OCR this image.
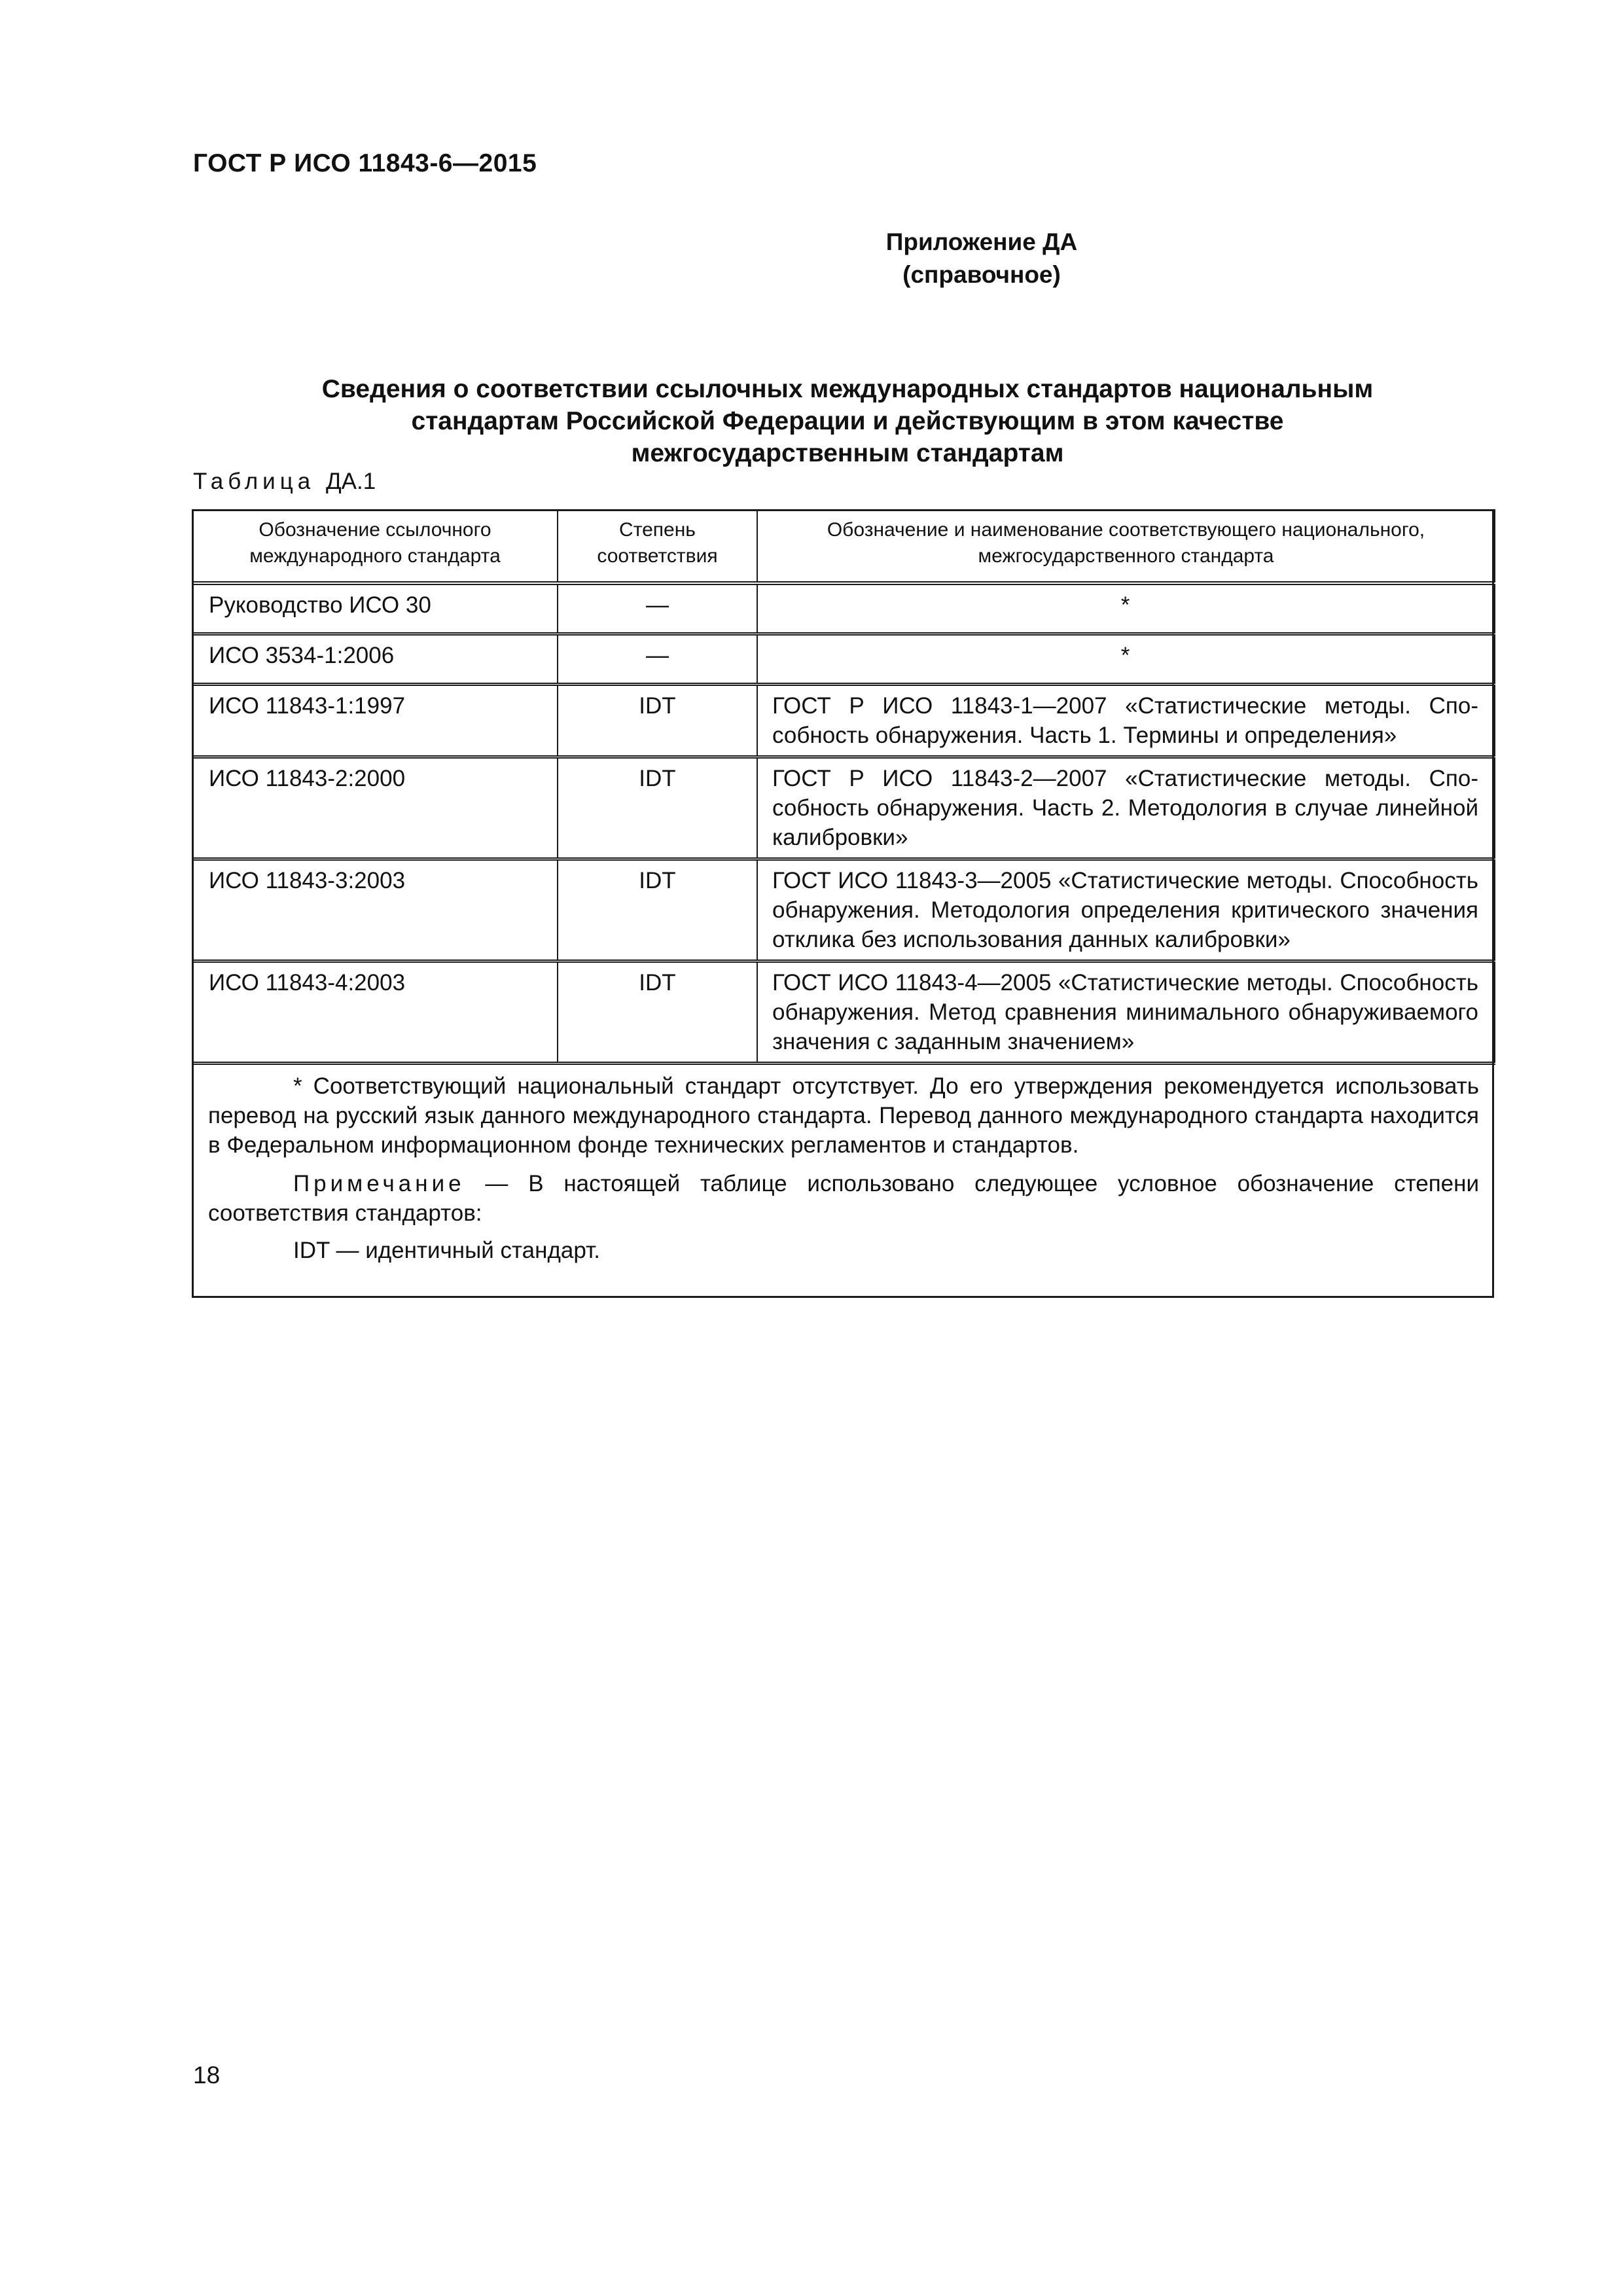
ГОСТ Р ИСО 11843-6—2015
Приложение ДА
(справочное)
Сведения о соответствии ссылочных международных стандартов национальным
стандартам Российской Федерации и действующим в этом качестве
межгосударственным стандартам
Таблица ДА.1
Обозначение ссылочного международного стандарта	Степень соответствия	Обозначение и наименование соответствующего национального, межгосударственного стандарта
Руководство ИСО 30	—	*
ИСО 3534-1:2006	—	*
ИСО 11843-1:1997	IDT	ГОСТ Р ИСО 11843-1—2007 «Статистические методы. Способность обнаружения. Часть 1. Термины и определения»
ИСО 11843-2:2000	IDT	ГОСТ Р ИСО 11843-2—2007 «Статистические методы. Способность обнаружения. Часть 2. Методология в случае линейной калибровки»
ИСО 11843-3:2003	IDT	ГОСТ ИСО 11843-3—2005 «Статистические методы. Способность обнаружения. Методология определения критического значения отклика без использования данных калибровки»
ИСО 11843-4:2003	IDT	ГОСТ ИСО 11843-4—2005 «Статистические методы. Способность обнаружения. Метод сравнения минимального обнаруживаемого значения с заданным значением»

* Соответствующий национальный стандарт отсутствует. До его утверждения рекомендуется использовать перевод на русский язык данного международного стандарта. Перевод данного международного стандарта находится в Федеральном информационном фонде технических регламентов и стандартов.

Примечание — В настоящей таблице использовано следующее условное обозначение степени соответствия стандартов:

IDT — идентичный стандарт.		

18
